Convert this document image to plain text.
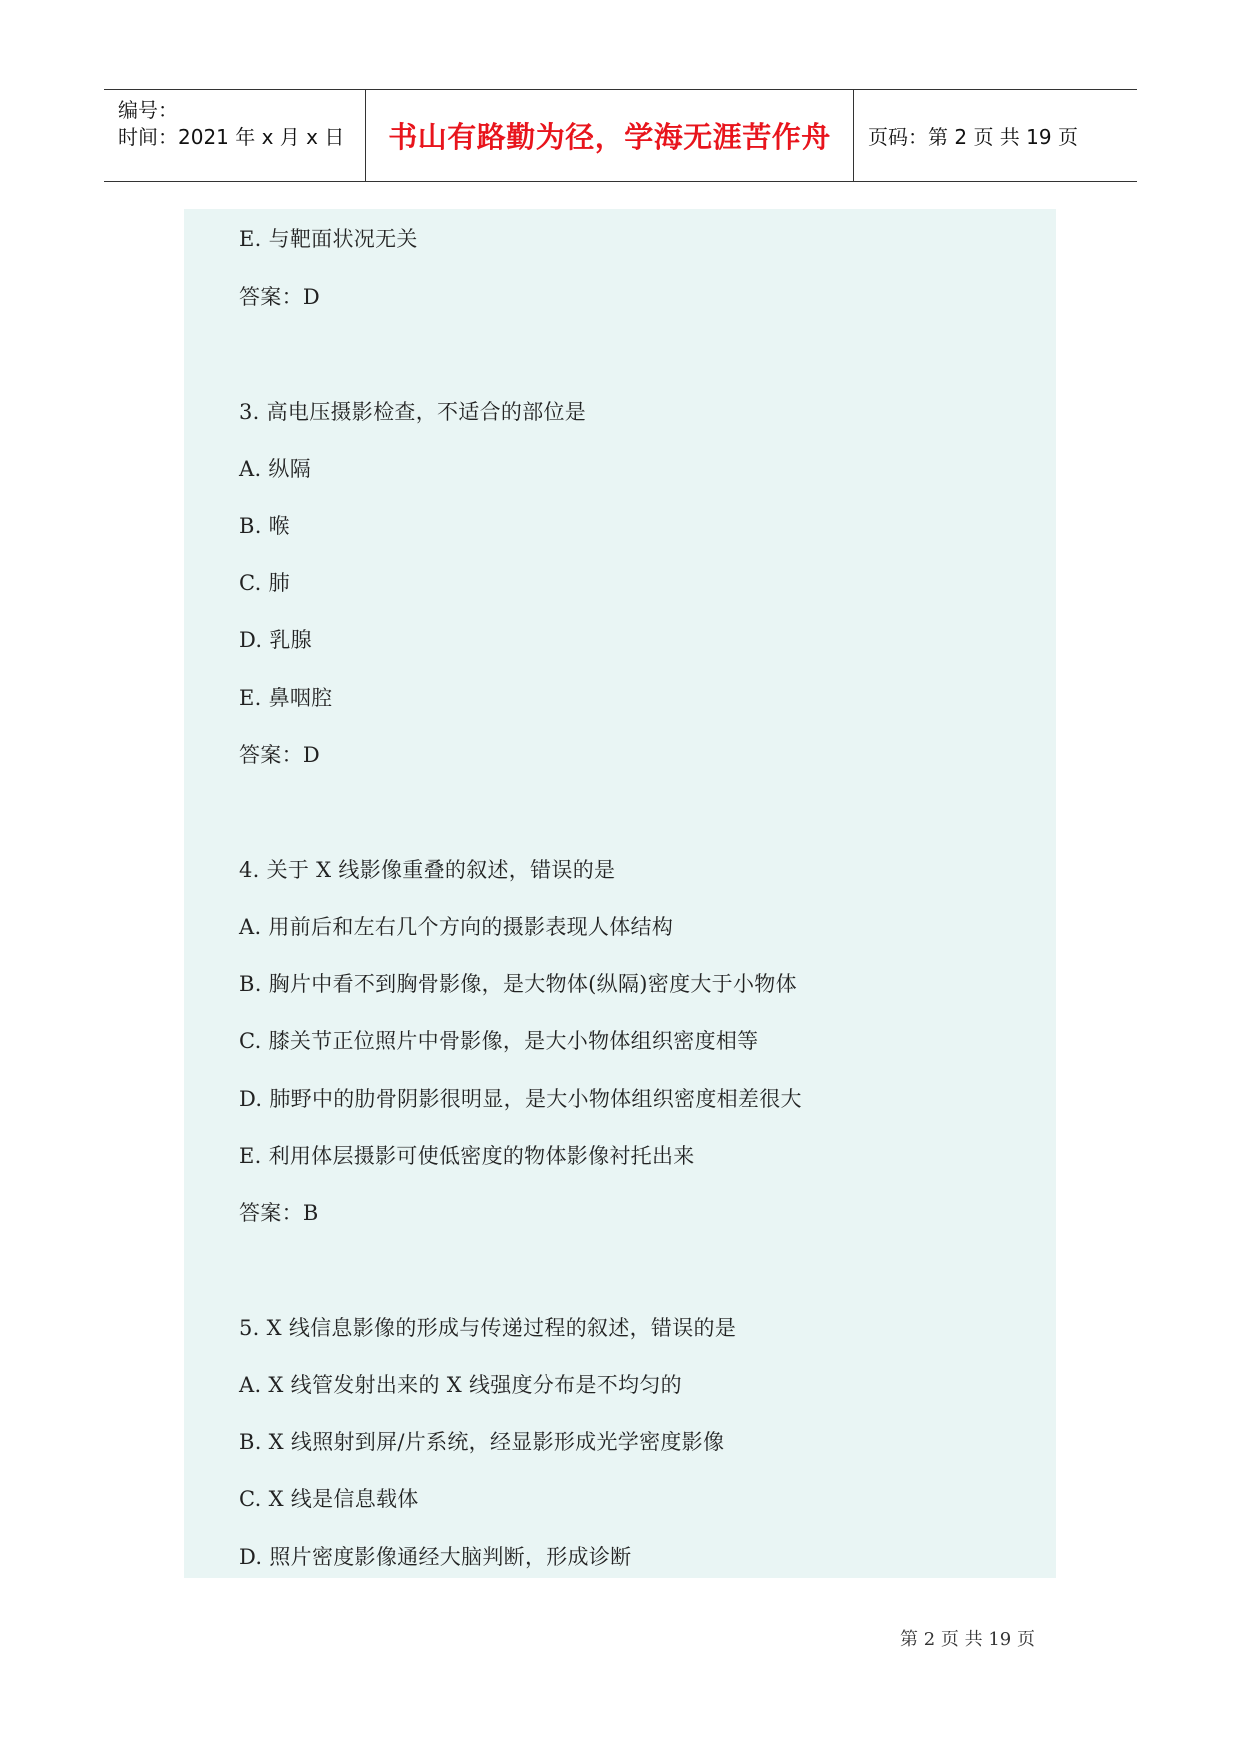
编号：
时间：2021 年 x 月 x 日	书山有路勤为径，学海无涯苦作舟	页码：第 2 页 共 19 页
E. 与靶面状况无关
答案：D
3. 高电压摄影检查，不适合的部位是
A. 纵隔
B. 喉
C. 肺
D. 乳腺
E. 鼻咽腔
答案：D
4. 关于 X 线影像重叠的叙述，错误的是
A. 用前后和左右几个方向的摄影表现人体结构
B. 胸片中看不到胸骨影像，是大物体(纵隔)密度大于小物体
C. 膝关节正位照片中骨影像，是大小物体组织密度相等
D. 肺野中的肋骨阴影很明显，是大小物体组织密度相差很大
E. 利用体层摄影可使低密度的物体影像衬托出来
答案：B
5. X 线信息影像的形成与传递过程的叙述，错误的是
A. X 线管发射出来的 X 线强度分布是不均匀的
B. X 线照射到屏/片系统，经显影形成光学密度影像
C. X 线是信息载体
D. 照片密度影像通经大脑判断，形成诊断
第 2 页 共 19 页
